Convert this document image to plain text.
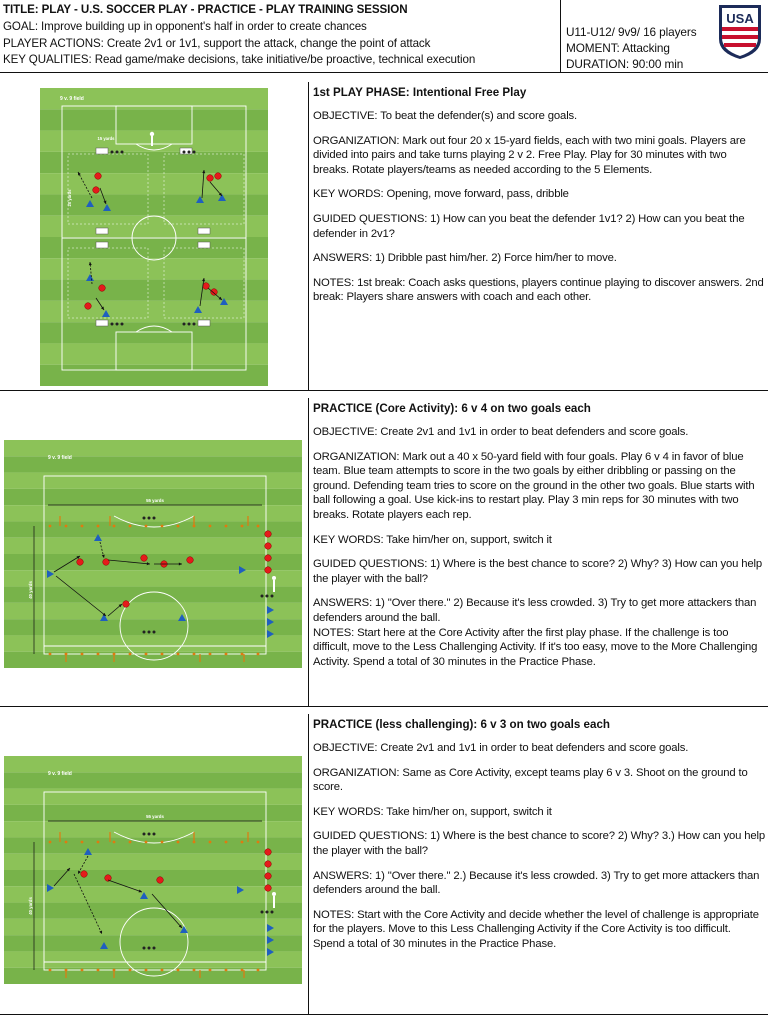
TITLE: PLAY - U.S. SOCCER PLAY - PRACTICE - PLAY TRAINING SESSION
GOAL: Improve building up in opponent's half in order to create chances
PLAYER ACTIONS: Create 2v1 or 1v1, support the attack, change the point of attack
KEY QUALITIES: Read game/make decisions, take initiative/be proactive, technical execution
U11-U12/ 9v9/ 16 players
MOMENT: Attacking
DURATION: 90:00 min
USA
9 v. 9 field
15 yards
20 yards
1st PLAY PHASE: Intentional Free Play

OBJECTIVE: To beat the defender(s) and score goals.

ORGANIZATION: Mark out four 20 x 15-yard fields, each with two mini goals. Players are divided into pairs and take turns playing 2 v 2. Free Play. Play for 30 minutes with two breaks. Rotate players/teams as needed according to the 5 Elements.

KEY WORDS: Opening, move forward, pass, dribble

GUIDED QUESTIONS: 1) How can you beat the defender 1v1? 2) How can you beat the defender in 2v1?

ANSWERS: 1) Dribble past him/her. 2) Force him/her to move.

NOTES: 1st break: Coach asks questions, players continue playing to discover answers. 2nd break: Players share answers with coach and each other.

9 v. 9 field
55 yards
40 yards
PRACTICE (Core Activity): 6 v 4 on two goals each

OBJECTIVE: Create 2v1 and 1v1 in order to beat defenders and score goals.

ORGANIZATION: Mark out a 40 x 50-yard field with four goals. Play 6 v 4 in favor of blue team. Blue team attempts to score in the two goals by either dribbling or passing on the ground. Defending team tries to score on the ground in the other two goals. Blue starts with ball following a goal. Use kick-ins to restart play. Play 3 min reps for 30 minutes with two breaks. Rotate players each rep.

KEY WORDS: Take him/her on, support, switch it

GUIDED QUESTIONS: 1) Where is the best chance to score? 2) Why? 3) How can you help the player with the ball?

ANSWERS: 1) "Over there." 2) Because it's less crowded. 3) Try to get more attackers than defenders around the ball.

NOTES: Start here at the Core Activity after the first play phase. If the challenge is too difficult, move to the Less Challenging Activity. If it's too easy, move to the More Challenging Activity. Spend a total of 30 minutes in the Practice Phase.

9 v. 9 field
55 yards
40 yards
PRACTICE (less challenging): 6 v 3 on two goals each

OBJECTIVE: Create 2v1 and 1v1 in order to beat defenders and score goals.

ORGANIZATION: Same as Core Activity, except teams play 6 v 3. Shoot on the ground to score.

KEY WORDS: Take him/her on, support, switch it

GUIDED QUESTIONS: 1) Where is the best chance to score? 2) Why? 3.) How can you help the player with the ball?

ANSWERS: 1) "Over there." 2.) Because it's less crowded. 3) Try to get more attackers than defenders around the ball.

NOTES: Start with the Core Activity and decide whether the level of challenge is appropriate for the players. Move to this Less Challenging Activity if the Core Activity is too difficult. Spend a total of 30 minutes in the Practice Phase.
